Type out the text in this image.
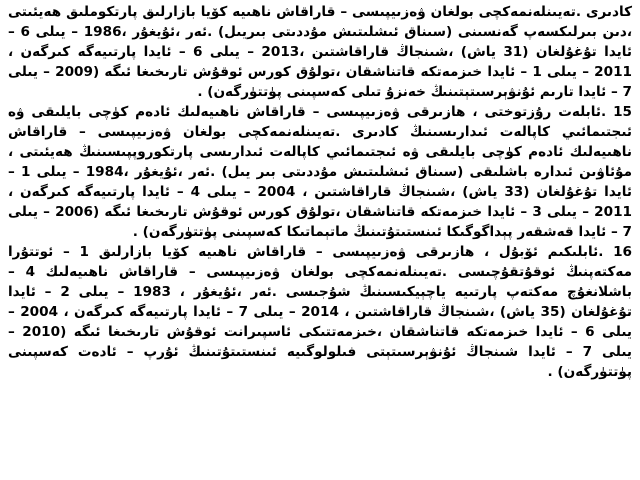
كادىرى .تەيىنلەنمەكچى بولغان ۋەزىيپىسى – قاراقاش ناھىيە كۆيا بازارلىق پارتكوملىق ھەيئىتى ،دىن بىرلىكسەپ گەنسىنى (سىناق ئىشلىتىش مۇددىتى بىريىل) .ئەر ،ئۇيغۇر ،1986 – يىلى 6 – ئايدا تۇغۇلغان (31 ياش) ،شىنجاڭ قاراقاشتىن ،2013 – يىلى 6 – ئايدا پارتىيەگە كىرگەن ، 2011 – يىلى 1 – ئايدا خىزمەتكە قاتناشقان ،تولۇق كورس ئوقۇش تارىخىغا ئىگە (2009 – يىلى 7 – ئايدا تارىم ئۇنۋېرسىتېتىنىڭ خەنزۇ تىلى كەسپىنى پۈتتۈرگەن) .

15 .ئابلەت رۇزتوختى ، ھازىرقى ۋەزىيپىسى – قاراقاش ناھىيەلىك ئادەم كۈچى بايلىقى ۋە ئىجتىمائىي كاپالەت ئىدارىسىنىڭ كادىرى .تەيىنلەنمەكچى بولغان ۋەزىيپىسى – قاراقاش ناھىيەلىك ئادەم كۈچى بايلىقى ۋە ئىجتىمائىي كاپالەت ئىدارىسى پارتكوروپپىسىنىڭ ھەيئىتى ، مۇئاۋىن ئىدارە باشلىقى (سىناق ئىشلىتىش مۇددىتى بىر يىل) .ئەر ،ئۇيغۇر ،1984 – يىلى 1 – ئايدا تۇغۇلغان (33 ياش) ،شىنجاڭ قاراقاشتىن ، 2004 – يىلى 4 – ئايدا پارتىيەگە كىرگەن ، 2011 – يىلى 3 – ئايدا خىزمەتكە قاتناشقان ،تولۇق كورس ئوقۇش تارىخىغا ئىگە (2006 – يىلى 7 – ئايدا قەشقەر پېداگوگىكا ئىنستىتۇتىنىڭ ماتېماتىكا كەسپىنى پۈتتۈرگەن) .

16 .ئابلىكىم ئۆبۇل ، ھازىرقى ۋەزىيپىسى – قاراقاش ناھىيە كۆيا بازارلىق 1 – ئوتتۇرا مەكتەپنىڭ ئوقۇتقۇچىسى .تەيىنلەنمەكچى بولغان ۋەزىيپىسى – قاراقاش ناھىيەلىك 4 – باشلانغۇچ مەكتەپ پارتىيە ياچېيكىسىنىڭ شۇجىسى .ئەر ،ئۇيغۇر ، 1983 – يىلى 2 – ئايدا تۇغۇلغان (35 ياش) ،شىنجاڭ قاراقاشتىن ، 2014 – يىلى 7 – ئايدا پارتىيەگە كىرگەن ، 2004 – يىلى 6 – ئايدا خىزمەتكە قاتناشقان ،خىزمەتتىكى ئاسپىرانت ئوقۇش تارىخىغا ئىگە (2010 – يىلى 7 – ئايدا شىنجاڭ ئۇنۋېرسىتېتى فىلولوگىيە ئىنستىتۇتىنىڭ ئۇرپ – ئادەت كەسپىنى پۈتتۈرگەن) .
